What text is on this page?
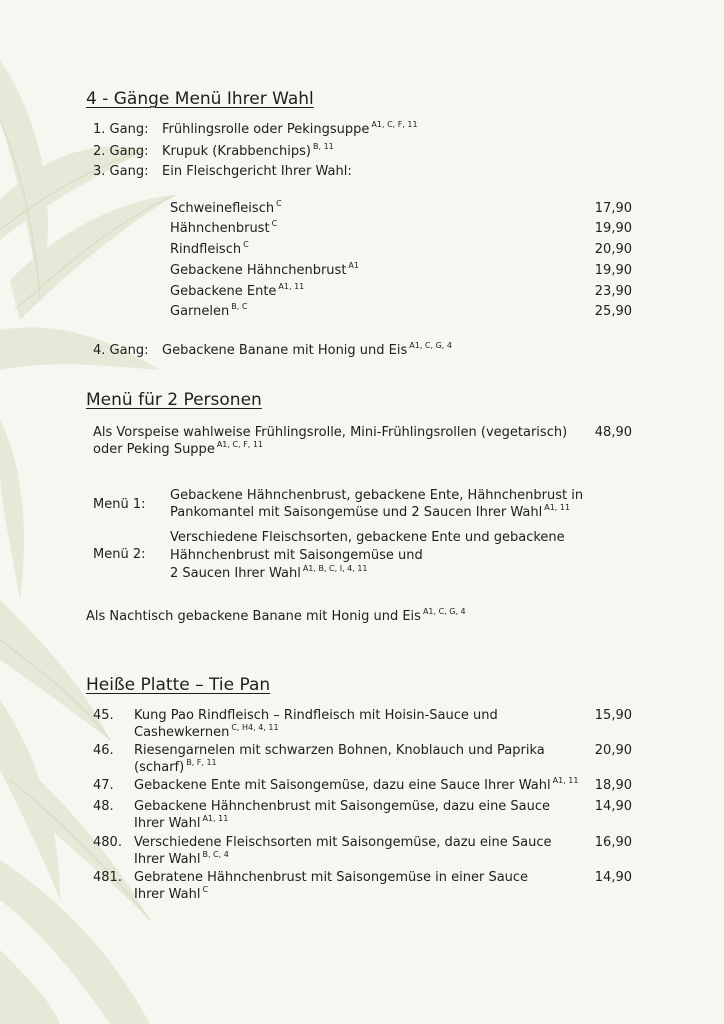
4 - Gänge Menü Ihrer Wahl
1. Gang: Frühlingsrolle oder Pekingsuppe $^{A1, C, F, 11}$
2. Gang: Krupuk (Krabbenchips) $^{B, 11}$
3. Gang: Ein Fleischgericht Ihrer Wahl:
Schweinefleisch $^C$	17,90
Hähnchenbrust $^C$	19,90
Rindfleisch $^C$	20,90
Gebackene Hähnchenbrust $^{A1}$	19,90
Gebackene Ente $^{A1, 11}$	23,90
Garnelen $^{B, C}$	25,90
4. Gang: Gebackene Banane mit Honig und Eis $^{A1, C, G, 4}$
Menü für 2 Personen
Als Vorspeise wahlweise Frühlingsrolle, Mini-Frühlingsrollen (vegetarisch)
oder Peking Suppe $^{A1, C, F, 11}$
48,90
Menü 1:
Gebackene Hähnchenbrust, gebackene Ente, Hähnchenbrust in
Pankomantel mit Saisongemüse und 2 Saucen Ihrer Wahl $^{A1, 11}$
Menü 2:
Verschiedene Fleischsorten, gebackene Ente und gebackene
Hähnchenbrust mit Saisongemüse und
2 Saucen Ihrer Wahl $^{A1, B, C, I, 4, 11}$
Als Nachtisch gebackene Banane mit Honig und Eis $^{A1, C, G, 4}$
Heiße Platte – Tie Pan
45. Kung Pao Rindfleisch – Rindfleisch mit Hoisin-Sauce und
Cashewkernen $^{C, H4, 4, 11}$
15,90
46. Riesengarnelen mit schwarzen Bohnen, Knoblauch und Paprika
(scharf) $^{B, F, 11}$
20,90
47. Gebackene Ente mit Saisongemüse, dazu eine Sauce Ihrer Wahl $^{A1, 11}$	18,90
48. Gebackene Hähnchenbrust mit Saisongemüse, dazu eine Sauce
Ihrer Wahl $^{A1, 11}$
14,90
480. Verschiedene Fleischsorten mit Saisongemüse, dazu eine Sauce
Ihrer Wahl $^{B, C, 4}$
16,90
481. Gebratene Hähnchenbrust mit Saisongemüse in einer Sauce
Ihrer Wahl $^C$
14,90
